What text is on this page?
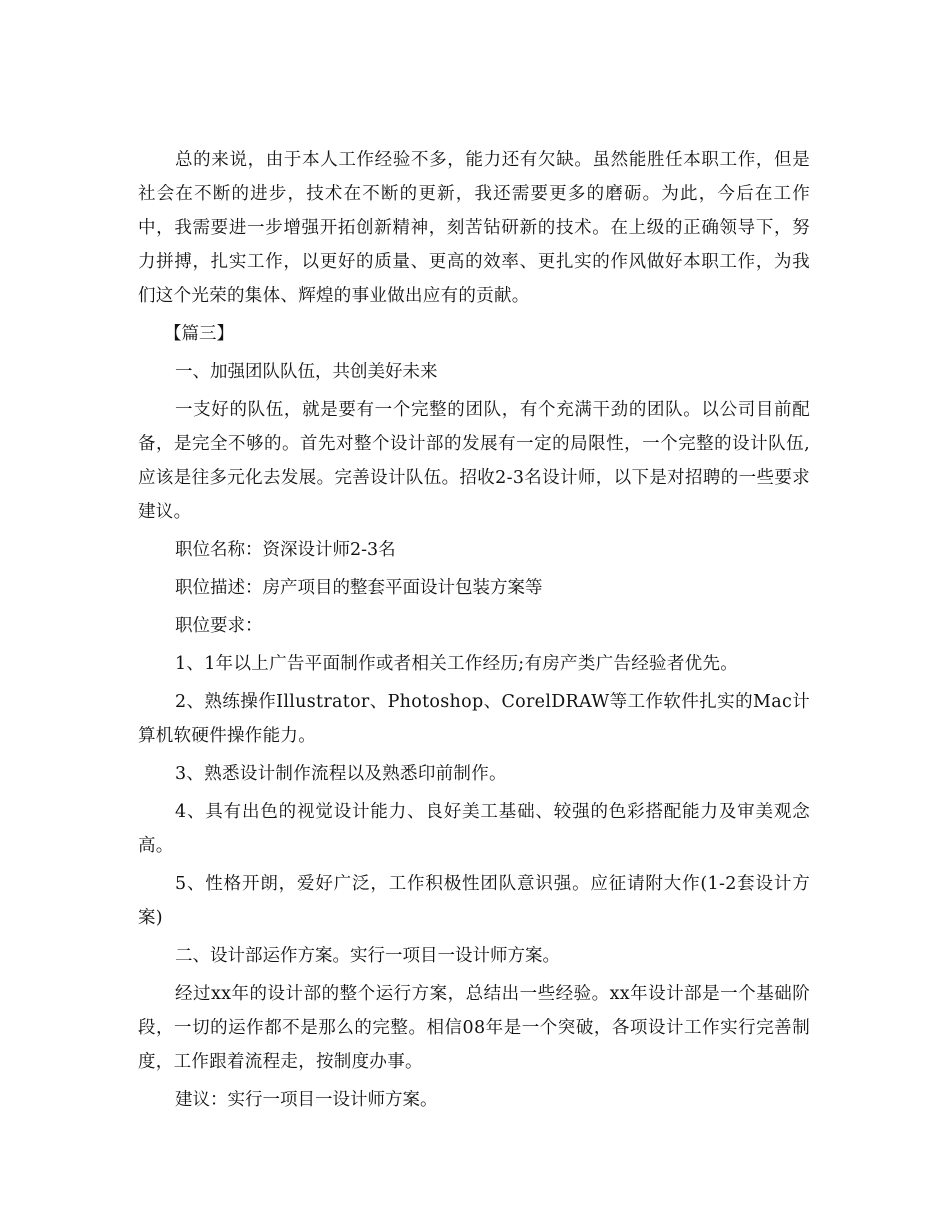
总的来说，由于本人工作经验不多，能力还有欠缺。虽然能胜任本职工作，但是社会在不断的进步，技术在不断的更新，我还需要更多的磨砺。为此，今后在工作中，我需要进一步增强开拓创新精神，刻苦钻研新的技术。在上级的正确领导下，努力拼搏，扎实工作，以更好的质量、更高的效率、更扎实的作风做好本职工作，为我们这个光荣的集体、辉煌的事业做出应有的贡献。

【篇三】

一、加强团队队伍，共创美好未来

一支好的队伍，就是要有一个完整的团队，有个充满干劲的团队。以公司目前配备，是完全不够的。首先对整个设计部的发展有一定的局限性，一个完整的设计队伍,应该是往多元化去发展。完善设计队伍。招收2-3名设计师，以下是对招聘的一些要求建议。

职位名称：资深设计师2-3名

职位描述：房产项目的整套平面设计包装方案等

职位要求：

1、1年以上广告平面制作或者相关工作经历;有房产类广告经验者优先。

2、熟练操作Illustrator、Photoshop、CorelDRAW等工作软件扎实的Mac计算机软硬件操作能力。

3、熟悉设计制作流程以及熟悉印前制作。

4、具有出色的视觉设计能力、良好美工基础、较强的色彩搭配能力及审美观念高。

5、性格开朗，爱好广泛，工作积极性团队意识强。应征请附大作(1-2套设计方案)

二、设计部运作方案。实行一项目一设计师方案。

经过xx年的设计部的整个运行方案，总结出一些经验。xx年设计部是一个基础阶段，一切的运作都不是那么的完整。相信08年是一个突破，各项设计工作实行完善制度，工作跟着流程走，按制度办事。

建议：实行一项目一设计师方案。
